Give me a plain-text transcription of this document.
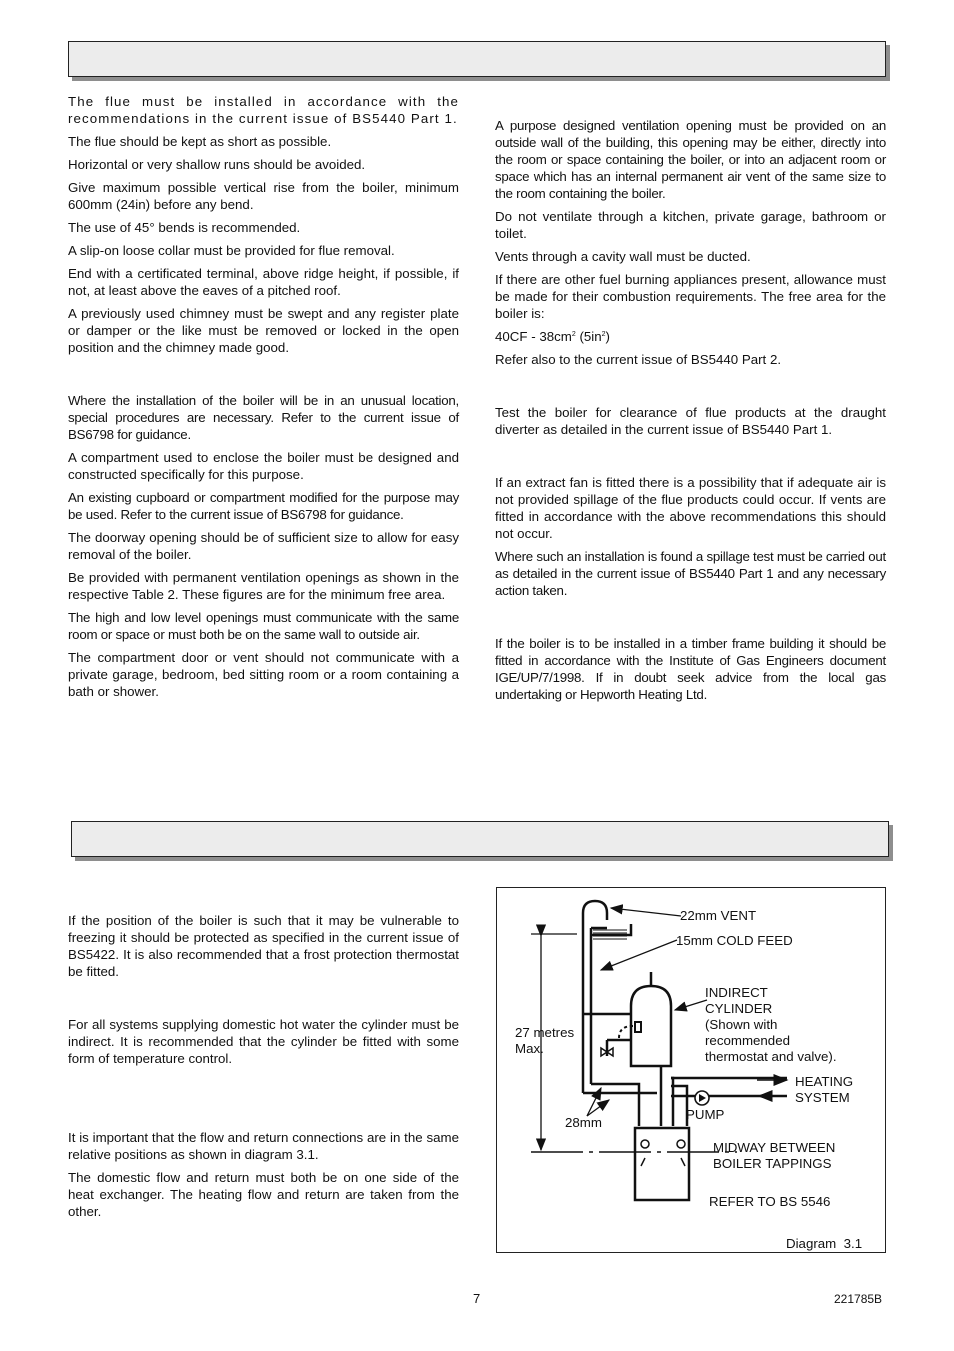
The flue must be installed in accordance with the recommendations in the current issue of BS5440 Part 1.

The flue should be kept as short as possible.

Horizontal or very shallow runs should be avoided.

Give maximum possible vertical rise from the boiler, minimum 600mm (24in) before any bend.

The use of 45° bends is recommended.

A slip-on loose collar must be provided for flue removal.

End with a certificated terminal, above ridge height, if possible, if not, at least above the eaves of a pitched roof.

A previously used chimney must be swept and any register plate or damper or the like must be removed or locked in the open position and the chimney made good.

Where the installation of the boiler will be in an unusual location, special procedures are necessary. Refer to the current issue of BS6798 for guidance.

A compartment used to enclose the boiler must be designed and constructed specifically for this purpose.

An existing cupboard or compartment modified for the purpose may be used. Refer to the current issue of BS6798 for guidance.

The doorway opening should be of sufficient size to allow for easy removal of the boiler.

Be provided with permanent ventilation openings as shown in the respective Table 2. These figures are for the minimum free area.

The high and low level openings must communicate with the same room or space or must both be on the same wall to outside air.

The compartment door or vent should not communicate with a private garage, bedroom, bed sitting room or a room containing a bath or shower.

A purpose designed ventilation opening must be provided on an outside wall of the building, this opening may be either, directly into the room or space containing the boiler, or into an adjacent room or space which has an internal permanent air vent of the same size to the room containing the boiler.

Do not ventilate through a kitchen, private garage, bathroom or toilet.

Vents through a cavity wall must be ducted.

If there are other fuel burning appliances present, allowance must be made for their combustion requirements. The free area for the boiler is:

$40CF - 38cm^2$ $(5in^2)$

Refer also to the current issue of BS5440 Part 2.

Test the boiler for clearance of flue products at the draught diverter as detailed in the current issue of BS5440 Part 1.

If an extract fan is fitted there is a possibility that if adequate air is not provided spillage of the flue products could occur. If vents are fitted in accordance with the above recommendations this should not occur.

Where such an installation is found a spillage test must be carried out as detailed in the current issue of BS5440 Part 1 and any necessary action taken.

If the boiler is to be installed in a timber frame building it should be fitted in accordance with the Institute of Gas Engineers document IGE/UP/7/1998. If in doubt seek advice from the local gas undertaking or Hepworth Heating Ltd.

If the position of the boiler is such that it may be vulnerable to freezing it should be protected as specified in the current issue of BS5422. It is also recommended that a frost protection thermostat be fitted.

For all systems supplying domestic hot water the cylinder must be indirect. It is recommended that the cylinder be fitted with some form of temperature control.

It is important that the flow and return connections are in the same relative positions as shown in diagram 3.1.

The domestic flow and return must both be on one side of the heat exchanger. The heating flow and return are taken from the other.

22mm VENT
15mm COLD FEED
INDIRECT
CYLINDER
(Shown with
recommended
thermostat and valve).
27 metres
Max.
HEATING
SYSTEM
PUMP
28mm
MIDWAY BETWEEN
BOILER TAPPINGS
REFER TO BS 5546
Diagram  3.1
7	221785B
